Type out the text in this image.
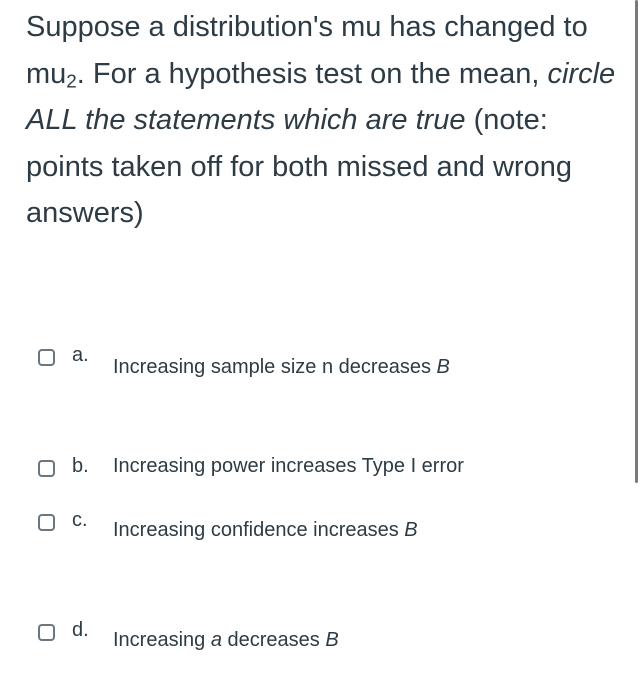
Suppose a distribution's mu has changed to $mu_2$. For a hypothesis test on the mean, circle ALL the statements which are true (note: points taken off for both missed and wrong answers)

a.
Increasing sample size n decreases B
b. Increasing power increases Type I error
c. Increasing confidence increases B
d. Increasing a decreases B
